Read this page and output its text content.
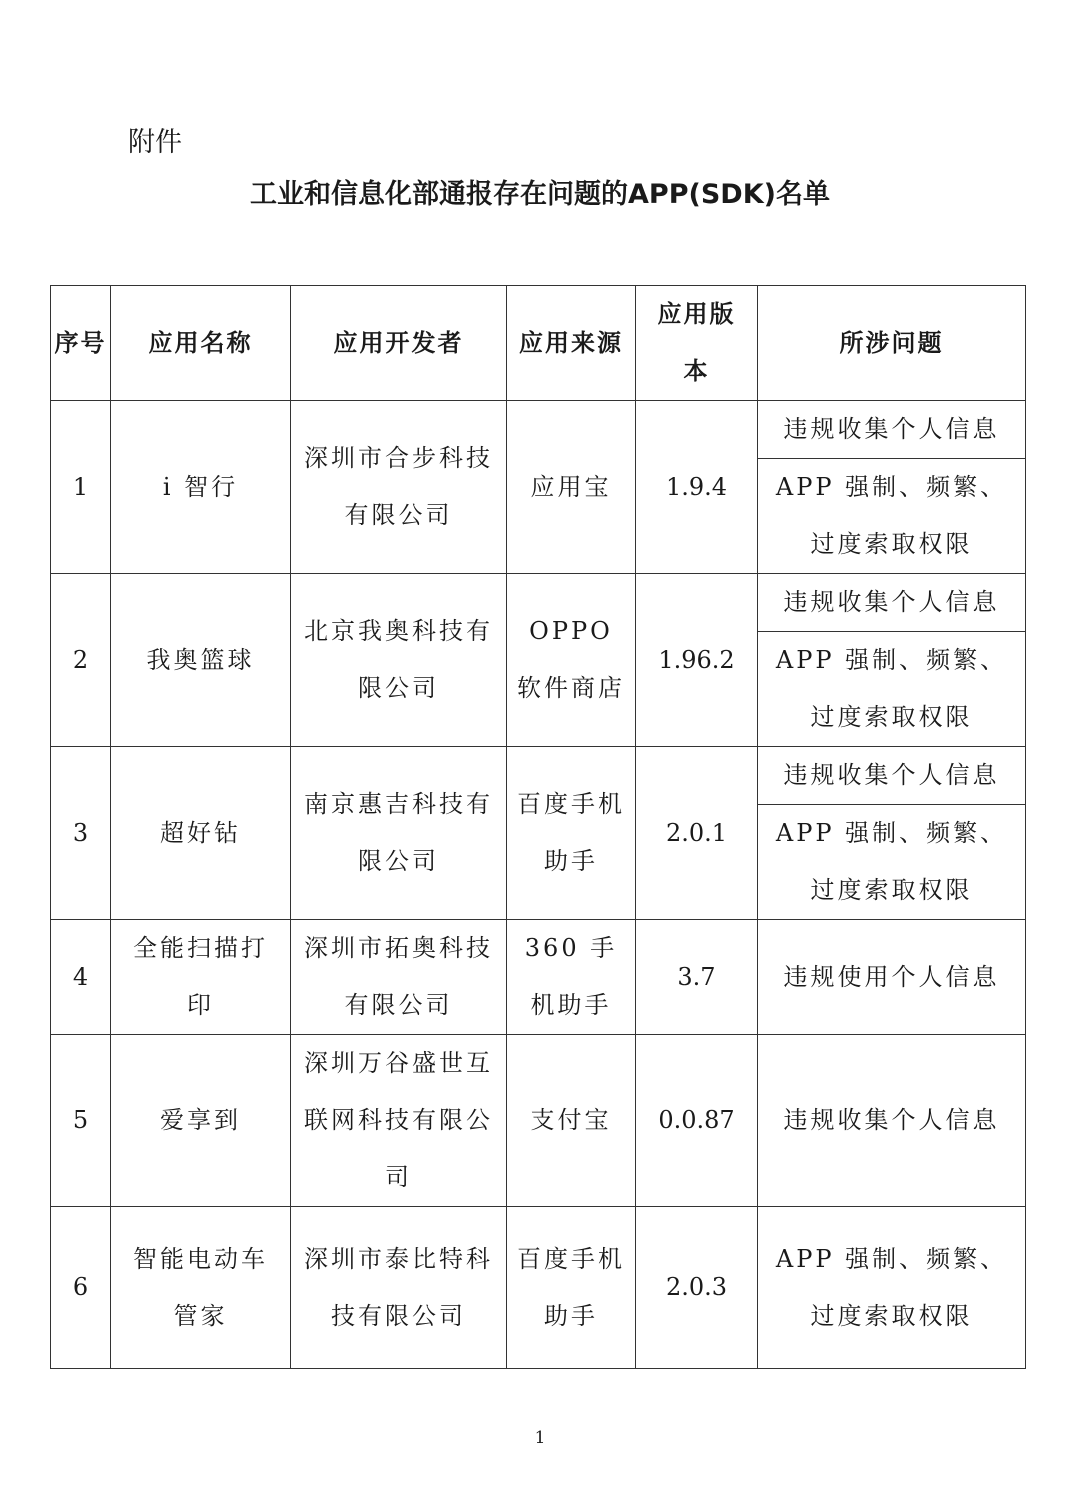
附件
工业和信息化部通报存在问题的APP(SDK)名单
序号	应用名称	应用开发者	应用来源	应用版本	所涉问题
1	i 智行	深圳市合步科技有限公司	应用宝	1.9.4	违规收集个人信息
					APP 强制、频繁、过度索取权限
2	我奥篮球	北京我奥科技有限公司	OPPO 软件商店	1.96.2	违规收集个人信息
					APP 强制、频繁、过度索取权限
3	超好钻	南京惠吉科技有限公司	百度手机助手	2.0.1	违规收集个人信息
					APP 强制、频繁、过度索取权限
4	全能扫描打印	深圳市拓奥科技有限公司	360 手机助手	3.7	违规使用个人信息
5	爱享到	深圳万谷盛世互联网科技有限公司	支付宝	0.0.87	违规收集个人信息
6	智能电动车管家	深圳市泰比特科技有限公司	百度手机助手	2.0.3	APP 强制、频繁、过度索取权限
1
